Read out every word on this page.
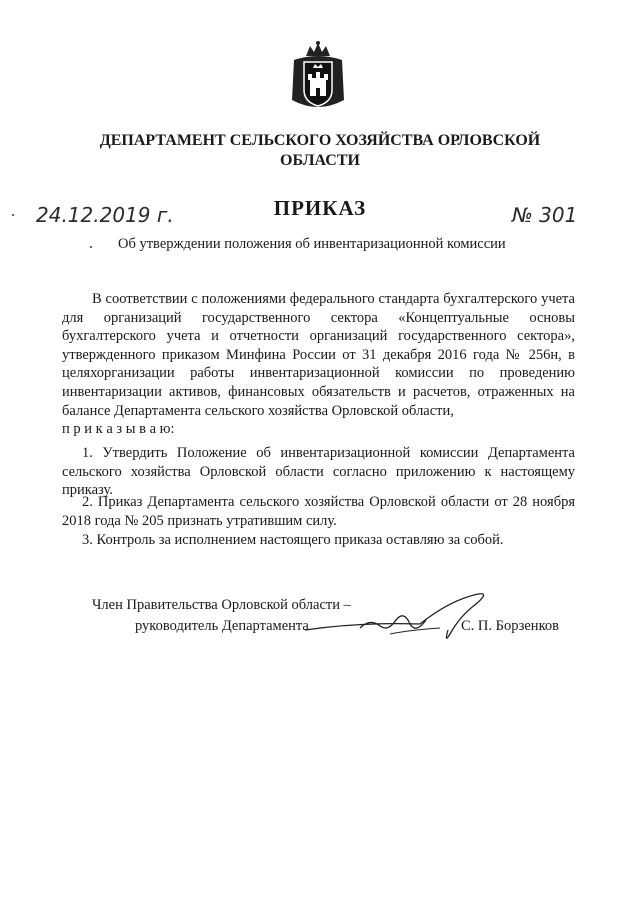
ДЕПАРТАМЕНТ СЕЛЬСКОГО ХОЗЯЙСТВА ОРЛОВСКОЙ ОБЛАСТИ
ПРИКАЗ
24.12.2019 г.	№ 301
Об утверждении положения об инвентаризационной комиссии

В соответствии с положениями федерального стандарта бухгалтерского учета для организаций государственного сектора «Концептуальные основы бухгалтерского учета и отчетности организаций государственного сектора», утвержденного приказом Минфина России от 31 декабря 2016 года № 256н, в целяхорганизации работы инвентаризационной комиссии по проведению инвентаризации активов, финансовых обязательств и расчетов, отраженных на балансе Департамента сельского хозяйства Орловской области,
п р и к а з ы в а ю:

1. Утвердить Положение об инвентаризационной комиссии Департамента сельского хозяйства Орловской области согласно приложению к настоящему приказу.

2. Приказ Департамента сельского хозяйства Орловской области от 28 ноября 2018 года № 205 признать утратившим силу.

3. Контроль за исполнением настоящего приказа оставляю за собой.

Член Правительства Орловской области –
руководитель Департамента	С. П. Борзенков
